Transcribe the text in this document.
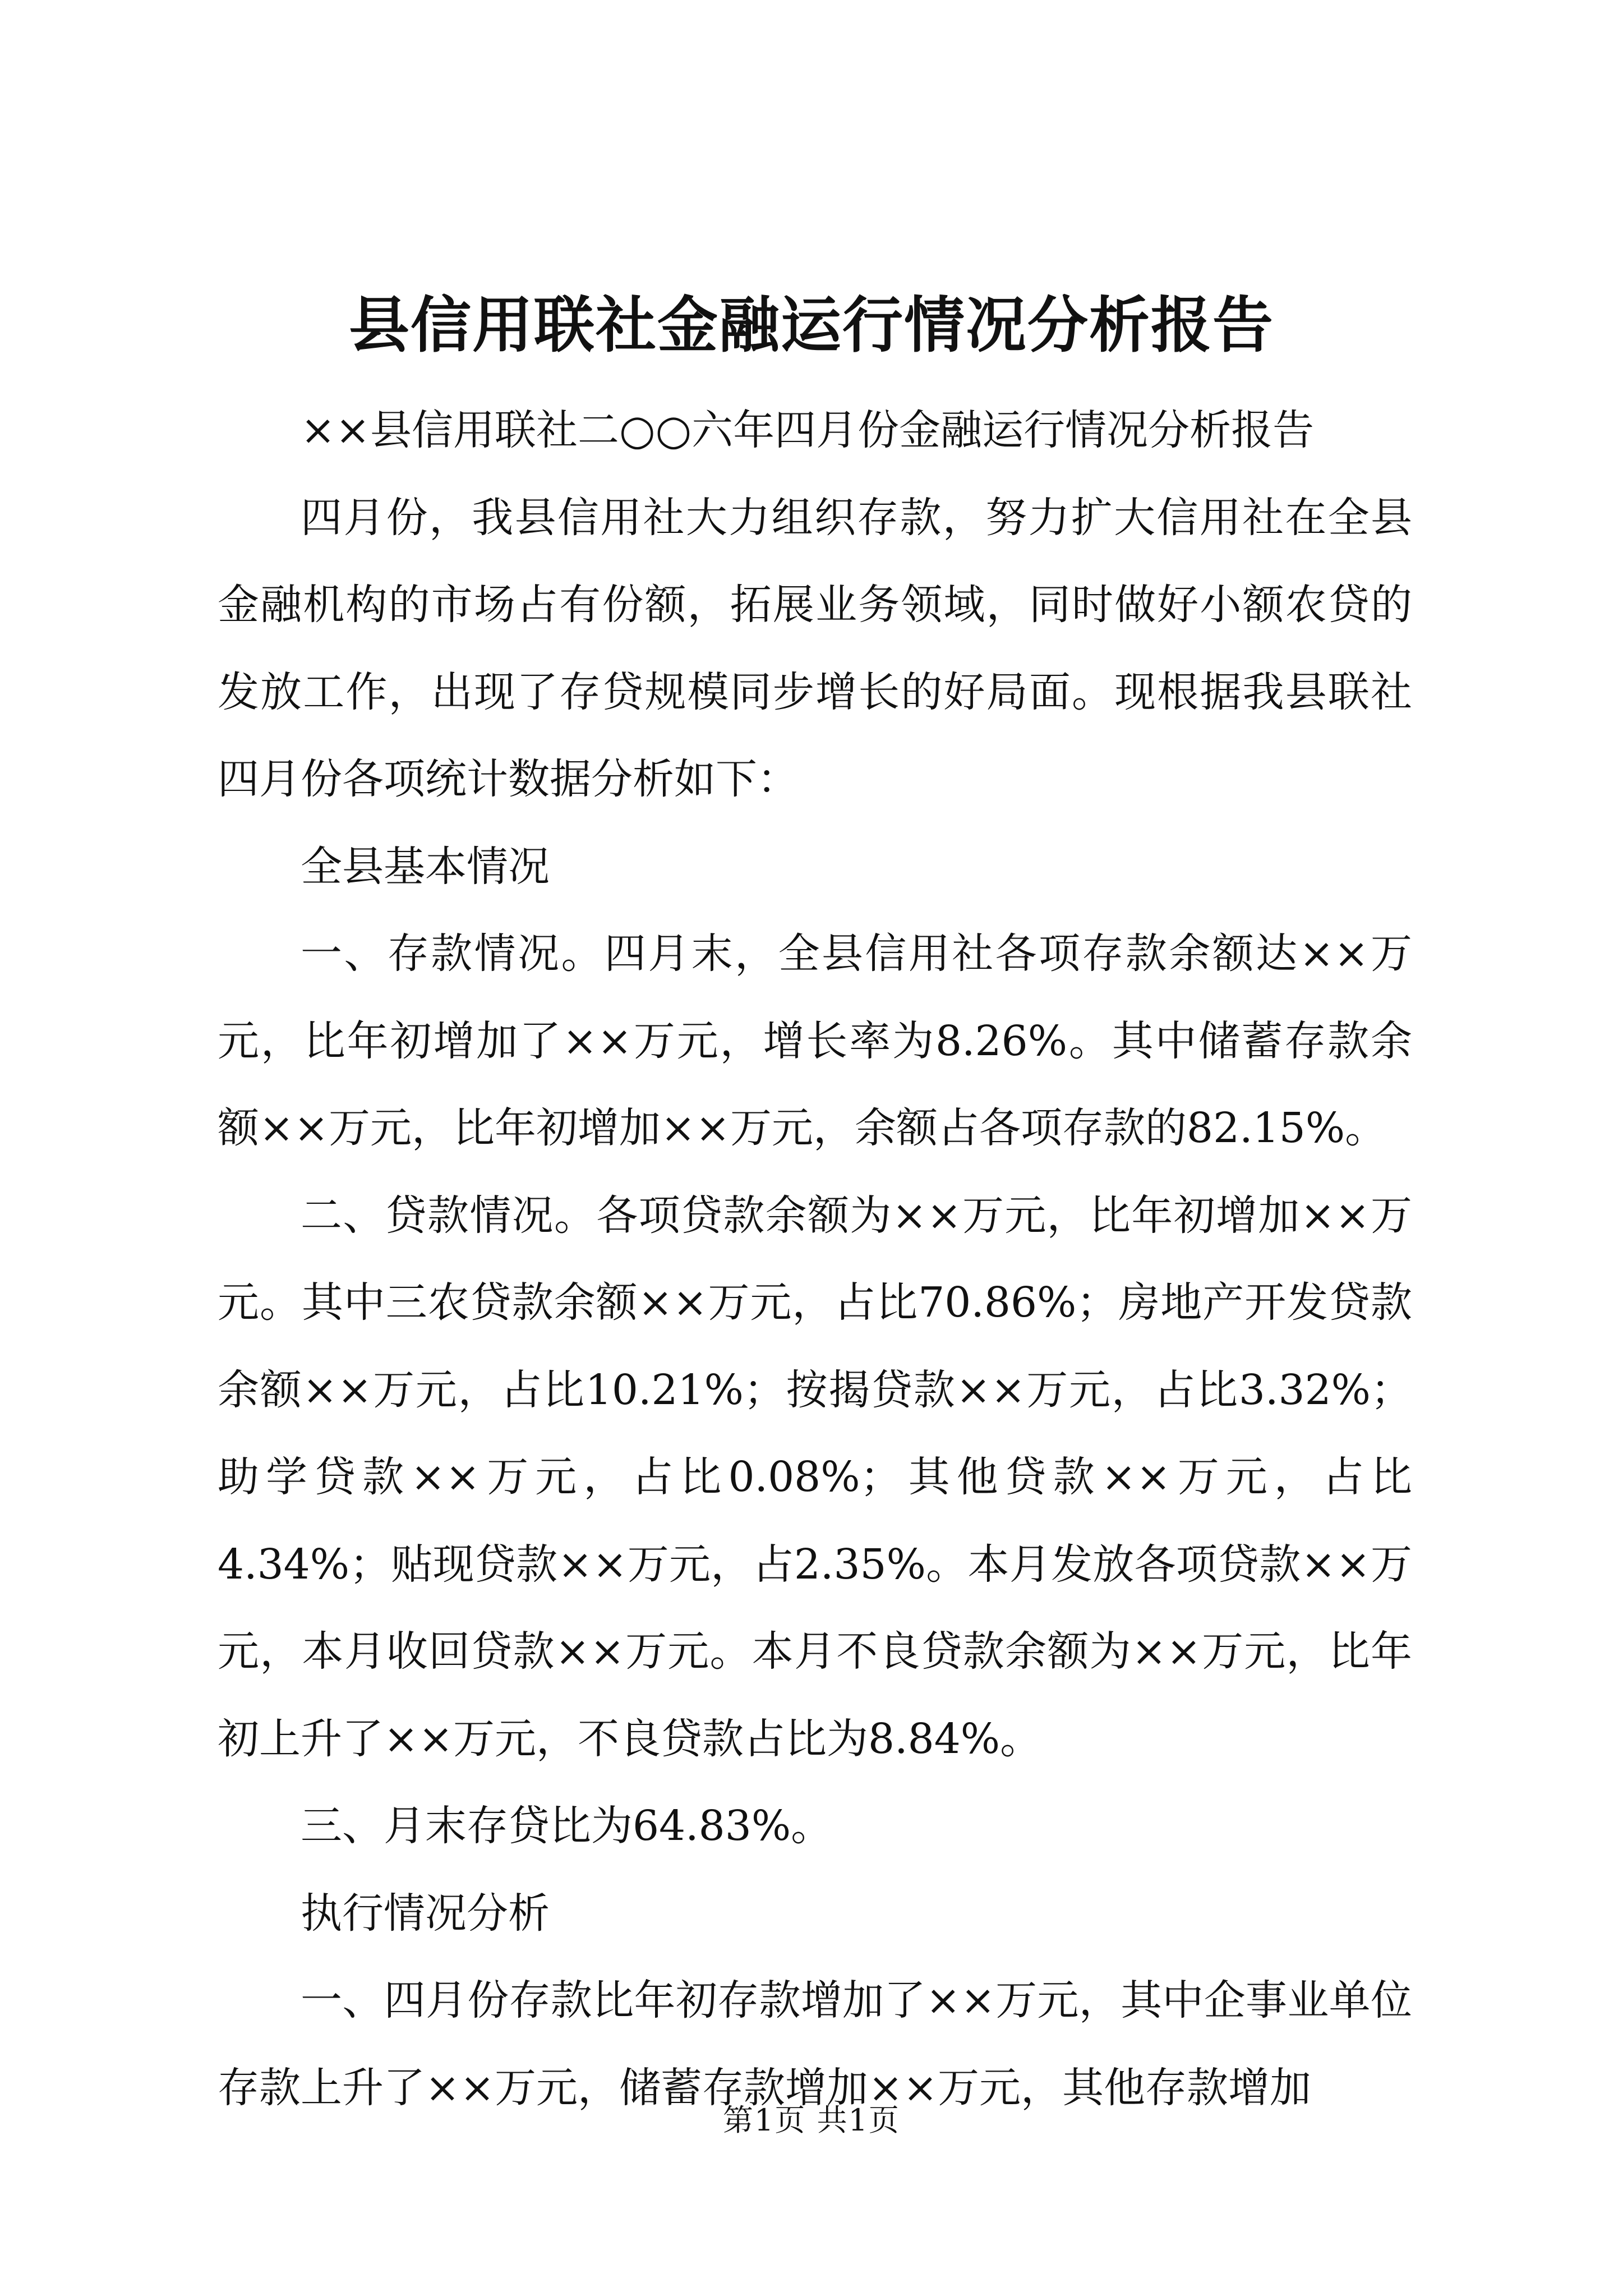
县信用联社金融运行情况分析报告

××县信用联社二○○六年四月份金融运行情况分析报告

四月份，我县信用社大力组织存款，努力扩大信用社在全县金融机构的市场占有份额，拓展业务领域，同时做好小额农贷的发放工作，出现了存贷规模同步增长的好局面。现根据我县联社四月份各项统计数据分析如下：

全县基本情况

一、存款情况。四月末，全县信用社各项存款余额达××万元，比年初增加了××万元，增长率为8.26%。其中储蓄存款余额××万元，比年初增加××万元，余额占各项存款的82.15%。

二、贷款情况。各项贷款余额为××万元，比年初增加××万元。其中三农贷款余额××万元，占比70.86%；房地产开发贷款余额××万元，占比10.21%；按揭贷款××万元，占比3.32%；助学贷款××万元，占比0.08%；其他贷款××万元，占比4.34%；贴现贷款××万元，占2.35%。本月发放各项贷款××万元，本月收回贷款××万元。本月不良贷款余额为××万元，比年初上升了××万元，不良贷款占比为8.84%。

三、月末存贷比为64.83%。

执行情况分析

一、四月份存款比年初存款增加了××万元，其中企事业单位存款上升了××万元，储蓄存款增加××万元，其他存款增加

第1页 共1页
